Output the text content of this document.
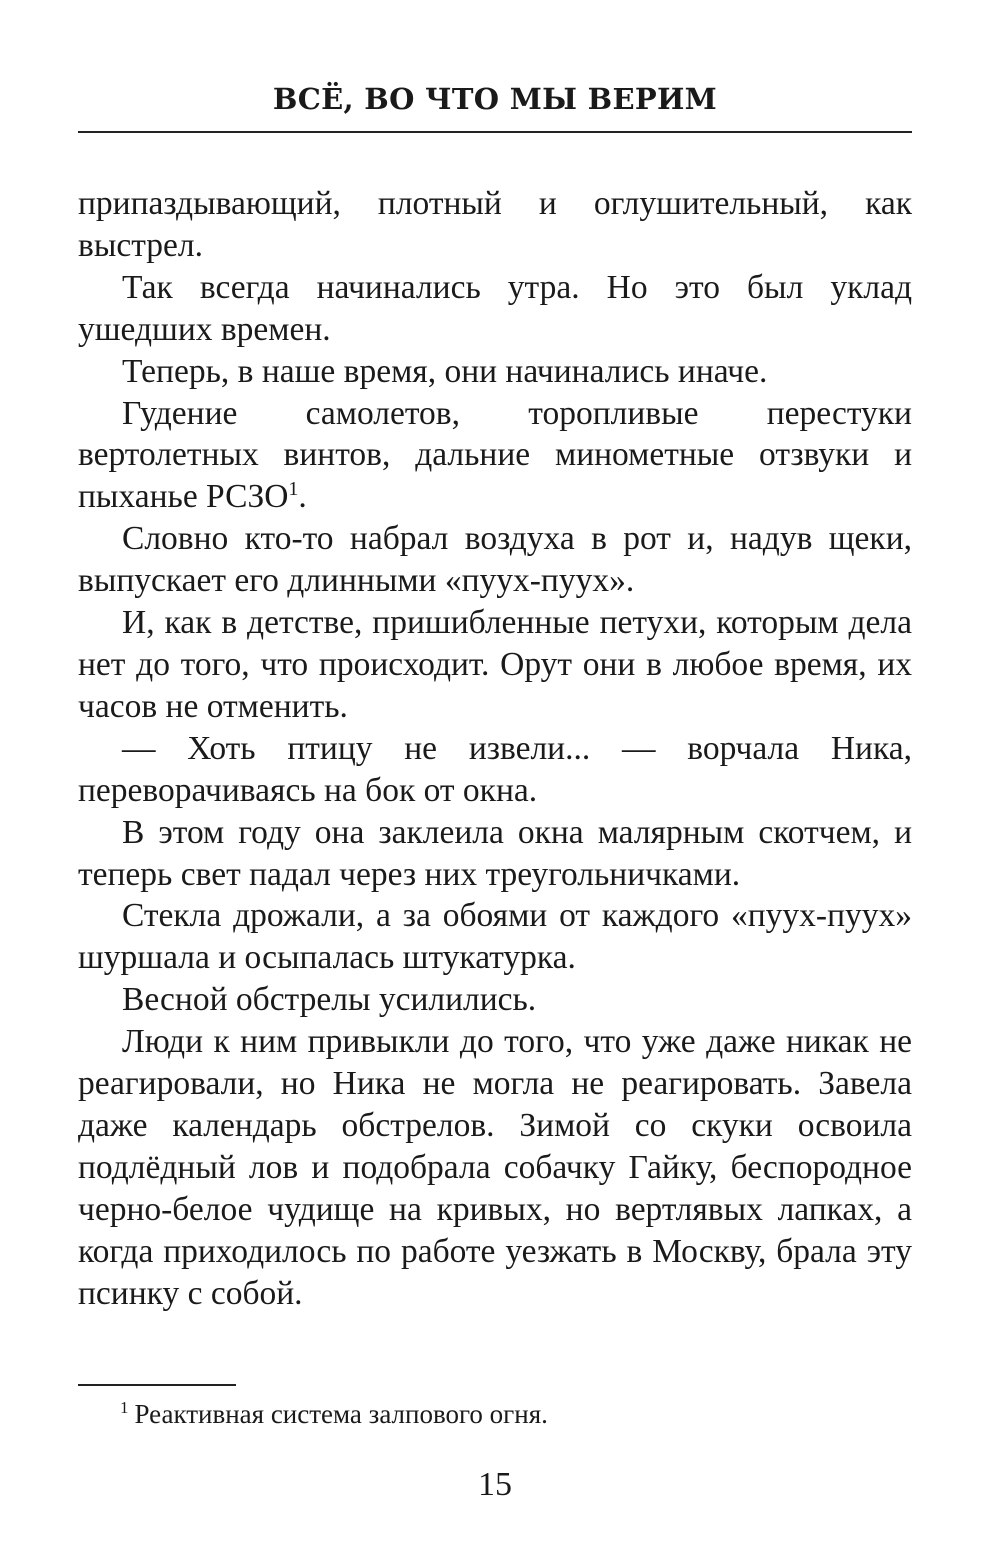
ВСЁ, ВО ЧТО МЫ ВЕРИМ

припаздывающий, плотный и оглушительный, как выстрел.

Так всегда начинались утра. Но это был уклад ушедших времен.

Теперь, в наше время, они начинались иначе.

Гудение самолетов, торопливые перестуки вертолетных винтов, дальние минометные отзвуки и пыханье РСЗО$^1$.

Словно кто-то набрал воздуха в рот и, надув щеки, выпускает его длинными «пуух-пуух».

И, как в детстве, пришибленные петухи, которым дела нет до того, что происходит. Орут они в любое время, их часов не отменить.

— Хоть птицу не извели... — ворчала Ника, переворачиваясь на бок от окна.

В этом году она заклеила окна малярным скотчем, и теперь свет падал через них треугольничками.

Стекла дрожали, а за обоями от каждого «пуух-пуух» шуршала и осыпалась штукатурка.

Весной обстрелы усилились.

Люди к ним привыкли до того, что уже даже никак не реагировали, но Ника не могла не реагировать. Завела даже календарь обстрелов. Зимой со скуки освоила подлёдный лов и подобрала собачку Гайку, беспородное черно-белое чудище на кривых, но вертлявых лапках, а когда приходилось по работе уезжать в Москву, брала эту псинку с собой.

$^1$ Реактивная система залпового огня.
15
